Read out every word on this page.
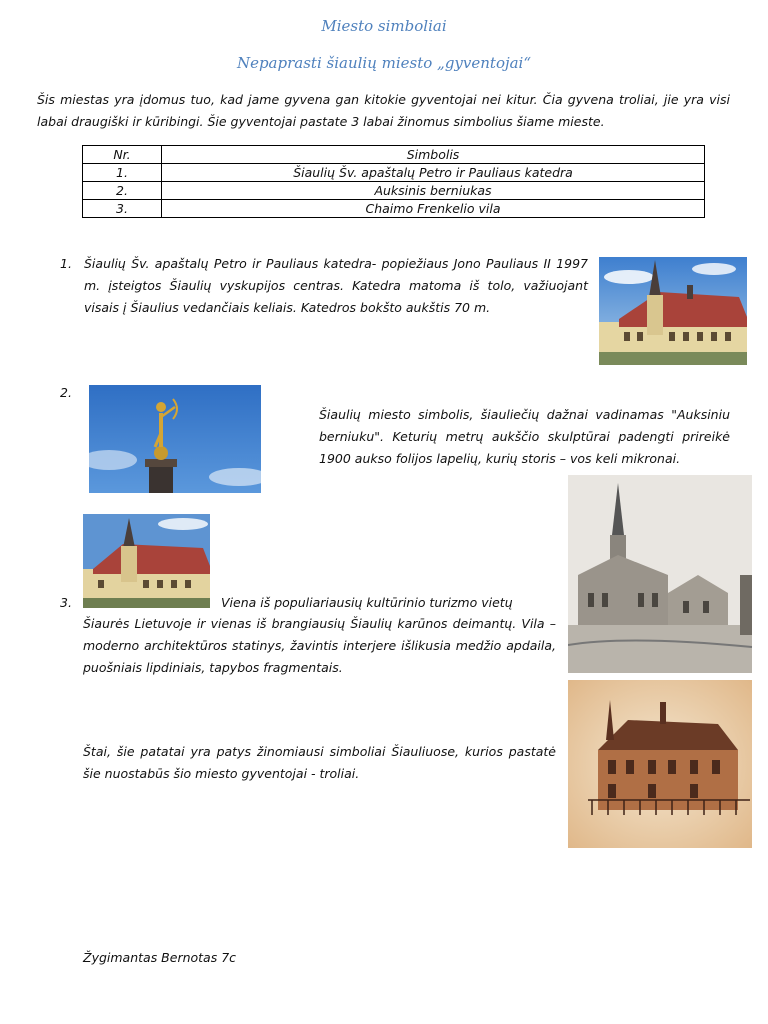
Miesto simboliai
Nepaprasti šiaulių miesto „gyventojai“
Šis miestas yra įdomus tuo, kad jame gyvena gan kitokie gyventojai nei kitur. Čia gyvena troliai, jie yra visi labai draugiški ir kūribingi. Šie gyventojai pastate 3 labai žinomus simbolius šiame mieste.
Nr.	Simbolis
1.	Šiaulių Šv. apaštalų Petro ir Pauliaus katedra
2.	Auksinis berniukas
3.	Chaimo Frenkelio vila
1. Šiaulių Šv. apaštalų Petro ir Pauliaus katedra- popiežiaus Jono Pauliaus II 1997 m. įsteigtos Šiaulių vyskupijos centras. Katedra matoma iš tolo, važiuojant visais į Šiaulius vedančiais keliais. Katedros bokšto aukštis 70 m.
2.
Šiaulių miesto simbolis, šiauliečių dažnai vadinamas "Auksiniu berniuku". Keturių metrų aukščio skulptūrai padengti prireikė 1900 aukso folijos lapelių, kurių storis – vos keli mikronai.
3.	Viena iš populiariausių kultūrinio turizmo vietų
Šiaurės Lietuvoje ir vienas iš brangiausių Šiaulių karūnos deimantų. Vila – moderno architektūros statinys, žavintis interjere išlikusia medžio apdaila, puošniais lipdiniais, tapybos fragmentais.
Štai, šie patatai yra patys žinomiausi simboliai Šiauliuose, kurios pastatė šie nuostabūs šio miesto gyventojai - troliai.
Žygimantas Bernotas 7c
